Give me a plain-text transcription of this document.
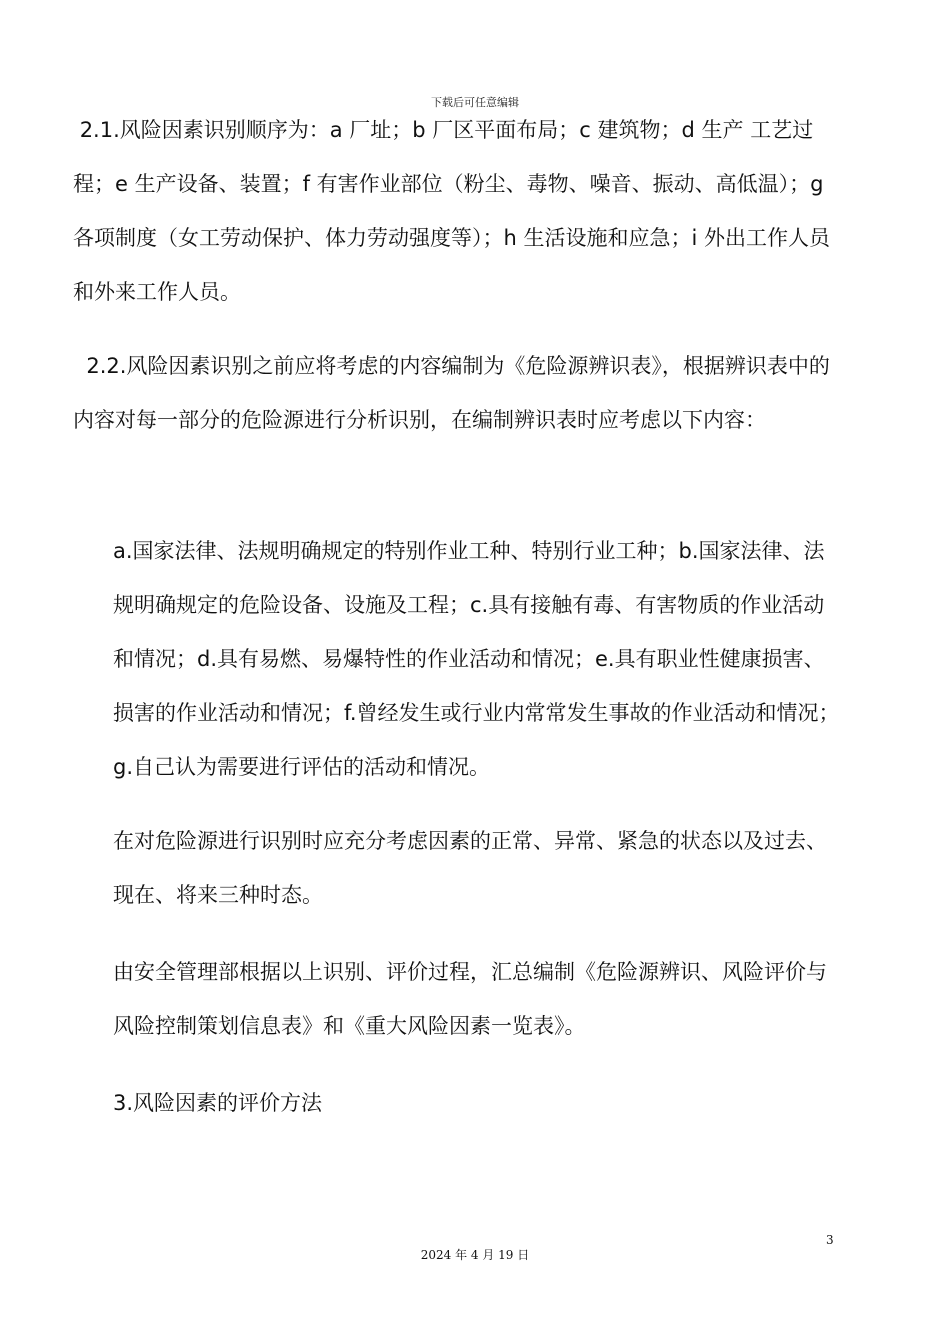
下载后可任意编辑

2.1.风险因素识别顺序为：a 厂址；b 厂区平面布局；c 建筑物；d 生产 工艺过程；e 生产设备、装置；f 有害作业部位（粉尘、毒物、噪音、振动、高低温）；g 各项制度（女工劳动保护、体力劳动强度等）；h 生活设施和应急；i 外出工作人员和外来工作人员。

2.2.风险因素识别之前应将考虑的内容编制为《危险源辨识表》，根据辨识表中的内容对每一部分的危险源进行分析识别，在编制辨识表时应考虑以下内容：

a.国家法律、法规明确规定的特别作业工种、特别行业工种；b.国家法律、法规明确规定的危险设备、设施及工程；c.具有接触有毒、有害物质的作业活动和情况；d.具有易燃、易爆特性的作业活动和情况；e.具有职业性健康损害、损害的作业活动和情况；f.曾经发生或行业内常常发生事故的作业活动和情况；g.自己认为需要进行评估的活动和情况。

在对危险源进行识别时应充分考虑因素的正常、异常、紧急的状态以及过去、现在、将来三种时态。

由安全管理部根据以上识别、评价过程，汇总编制《危险源辨识、风险评价与风险控制策划信息表》和《重大风险因素一览表》。

3.风险因素的评价方法

3
2024 年 4 月 19 日
